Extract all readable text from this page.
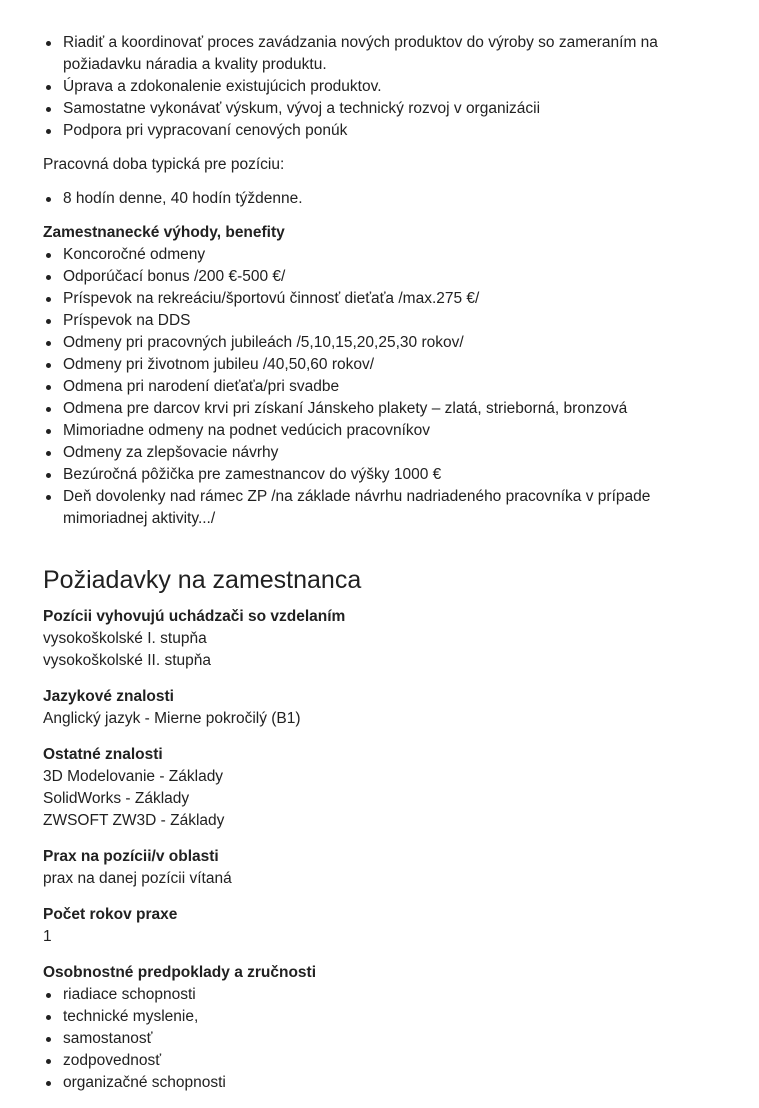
Riadiť a koordinovať proces zavádzania nových produktov do výroby so zameraním na požiadavku náradia a kvality produktu.
Úprava a zdokonalenie existujúcich produktov.
Samostatne vykonávať výskum, vývoj a technický rozvoj v organizácii
Podpora pri vypracovaní cenových ponúk

Pracovná doba typická pre pozíciu:

8 hodín denne, 40 hodín týždenne.

Zamestnanecké výhody, benefity

Koncoročné odmeny
Odporúčací bonus /200 €-500 €/
Príspevok na rekreáciu/športovú činnosť dieťaťa /max.275 €/
Príspevok na DDS
Odmeny pri pracovných jubileách /5,10,15,20,25,30 rokov/
Odmeny pri životnom jubileu /40,50,60 rokov/
Odmena pri narodení dieťaťa/pri svadbe
Odmena pre darcov krvi pri získaní Jánskeho plakety – zlatá, strieborná, bronzová
Mimoriadne odmeny na podnet vedúcich pracovníkov
Odmeny za zlepšovacie návrhy
Bezúročná pôžička pre zamestnancov do výšky 1000 €
Deň dovolenky nad rámec ZP /na základe návrhu nadriadeného pracovníka v prípade mimoriadnej aktivity.../
Požiadavky na zamestnanca

Pozícii vyhovujú uchádzači so vzdelaním

vysokoškolské I. stupňa

vysokoškolské II. stupňa

Jazykové znalosti

Anglický jazyk - Mierne pokročilý (B1)

Ostatné znalosti

3D Modelovanie - Základy

SolidWorks - Základy

ZWSOFT ZW3D - Základy

Prax na pozícii/v oblasti

prax na danej pozícii vítaná

Počet rokov praxe

1

Osobnostné predpoklady a zručnosti

riadiace schopnosti
technické myslenie,
samostanosť
zodpovednosť
organizačné schopnosti
